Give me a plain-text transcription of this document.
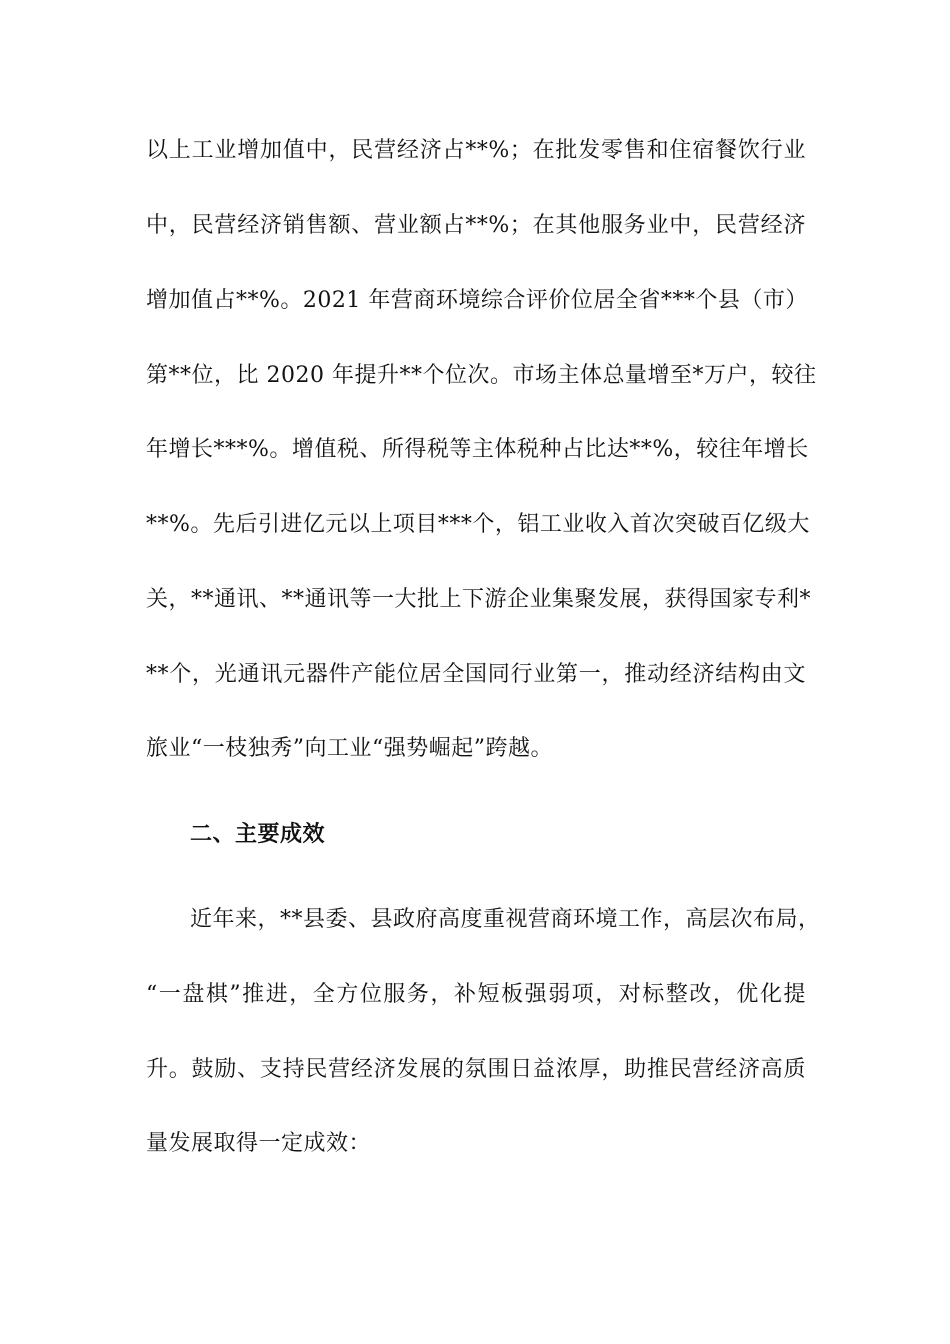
以上工业增加值中，民营经济占**%；在批发零售和住宿餐饮行业
中，民营经济销售额、营业额占**%；在其他服务业中，民营经济
增加值占**%。2021 年营商环境综合评价位居全省***个县（市）
第**位，比 2020 年提升**个位次。市场主体总量增至*万户，较往
年增长***%。增值税、所得税等主体税种占比达**%，较往年增长
**%。先后引进亿元以上项目***个，铝工业收入首次突破百亿级大
关，**通讯、**通讯等一大批上下游企业集聚发展，获得国家专利*
**个，光通讯元器件产能位居全国同行业第一，推动经济结构由文
旅业“一枝独秀”向工业“强势崛起”跨越。
二、主要成效
近年来，**县委、县政府高度重视营商环境工作，高层次布局，
“一盘棋”推进，全方位服务，补短板强弱项，对标整改，优化提
升。鼓励、支持民营经济发展的氛围日益浓厚，助推民营经济高质
量发展取得一定成效：
